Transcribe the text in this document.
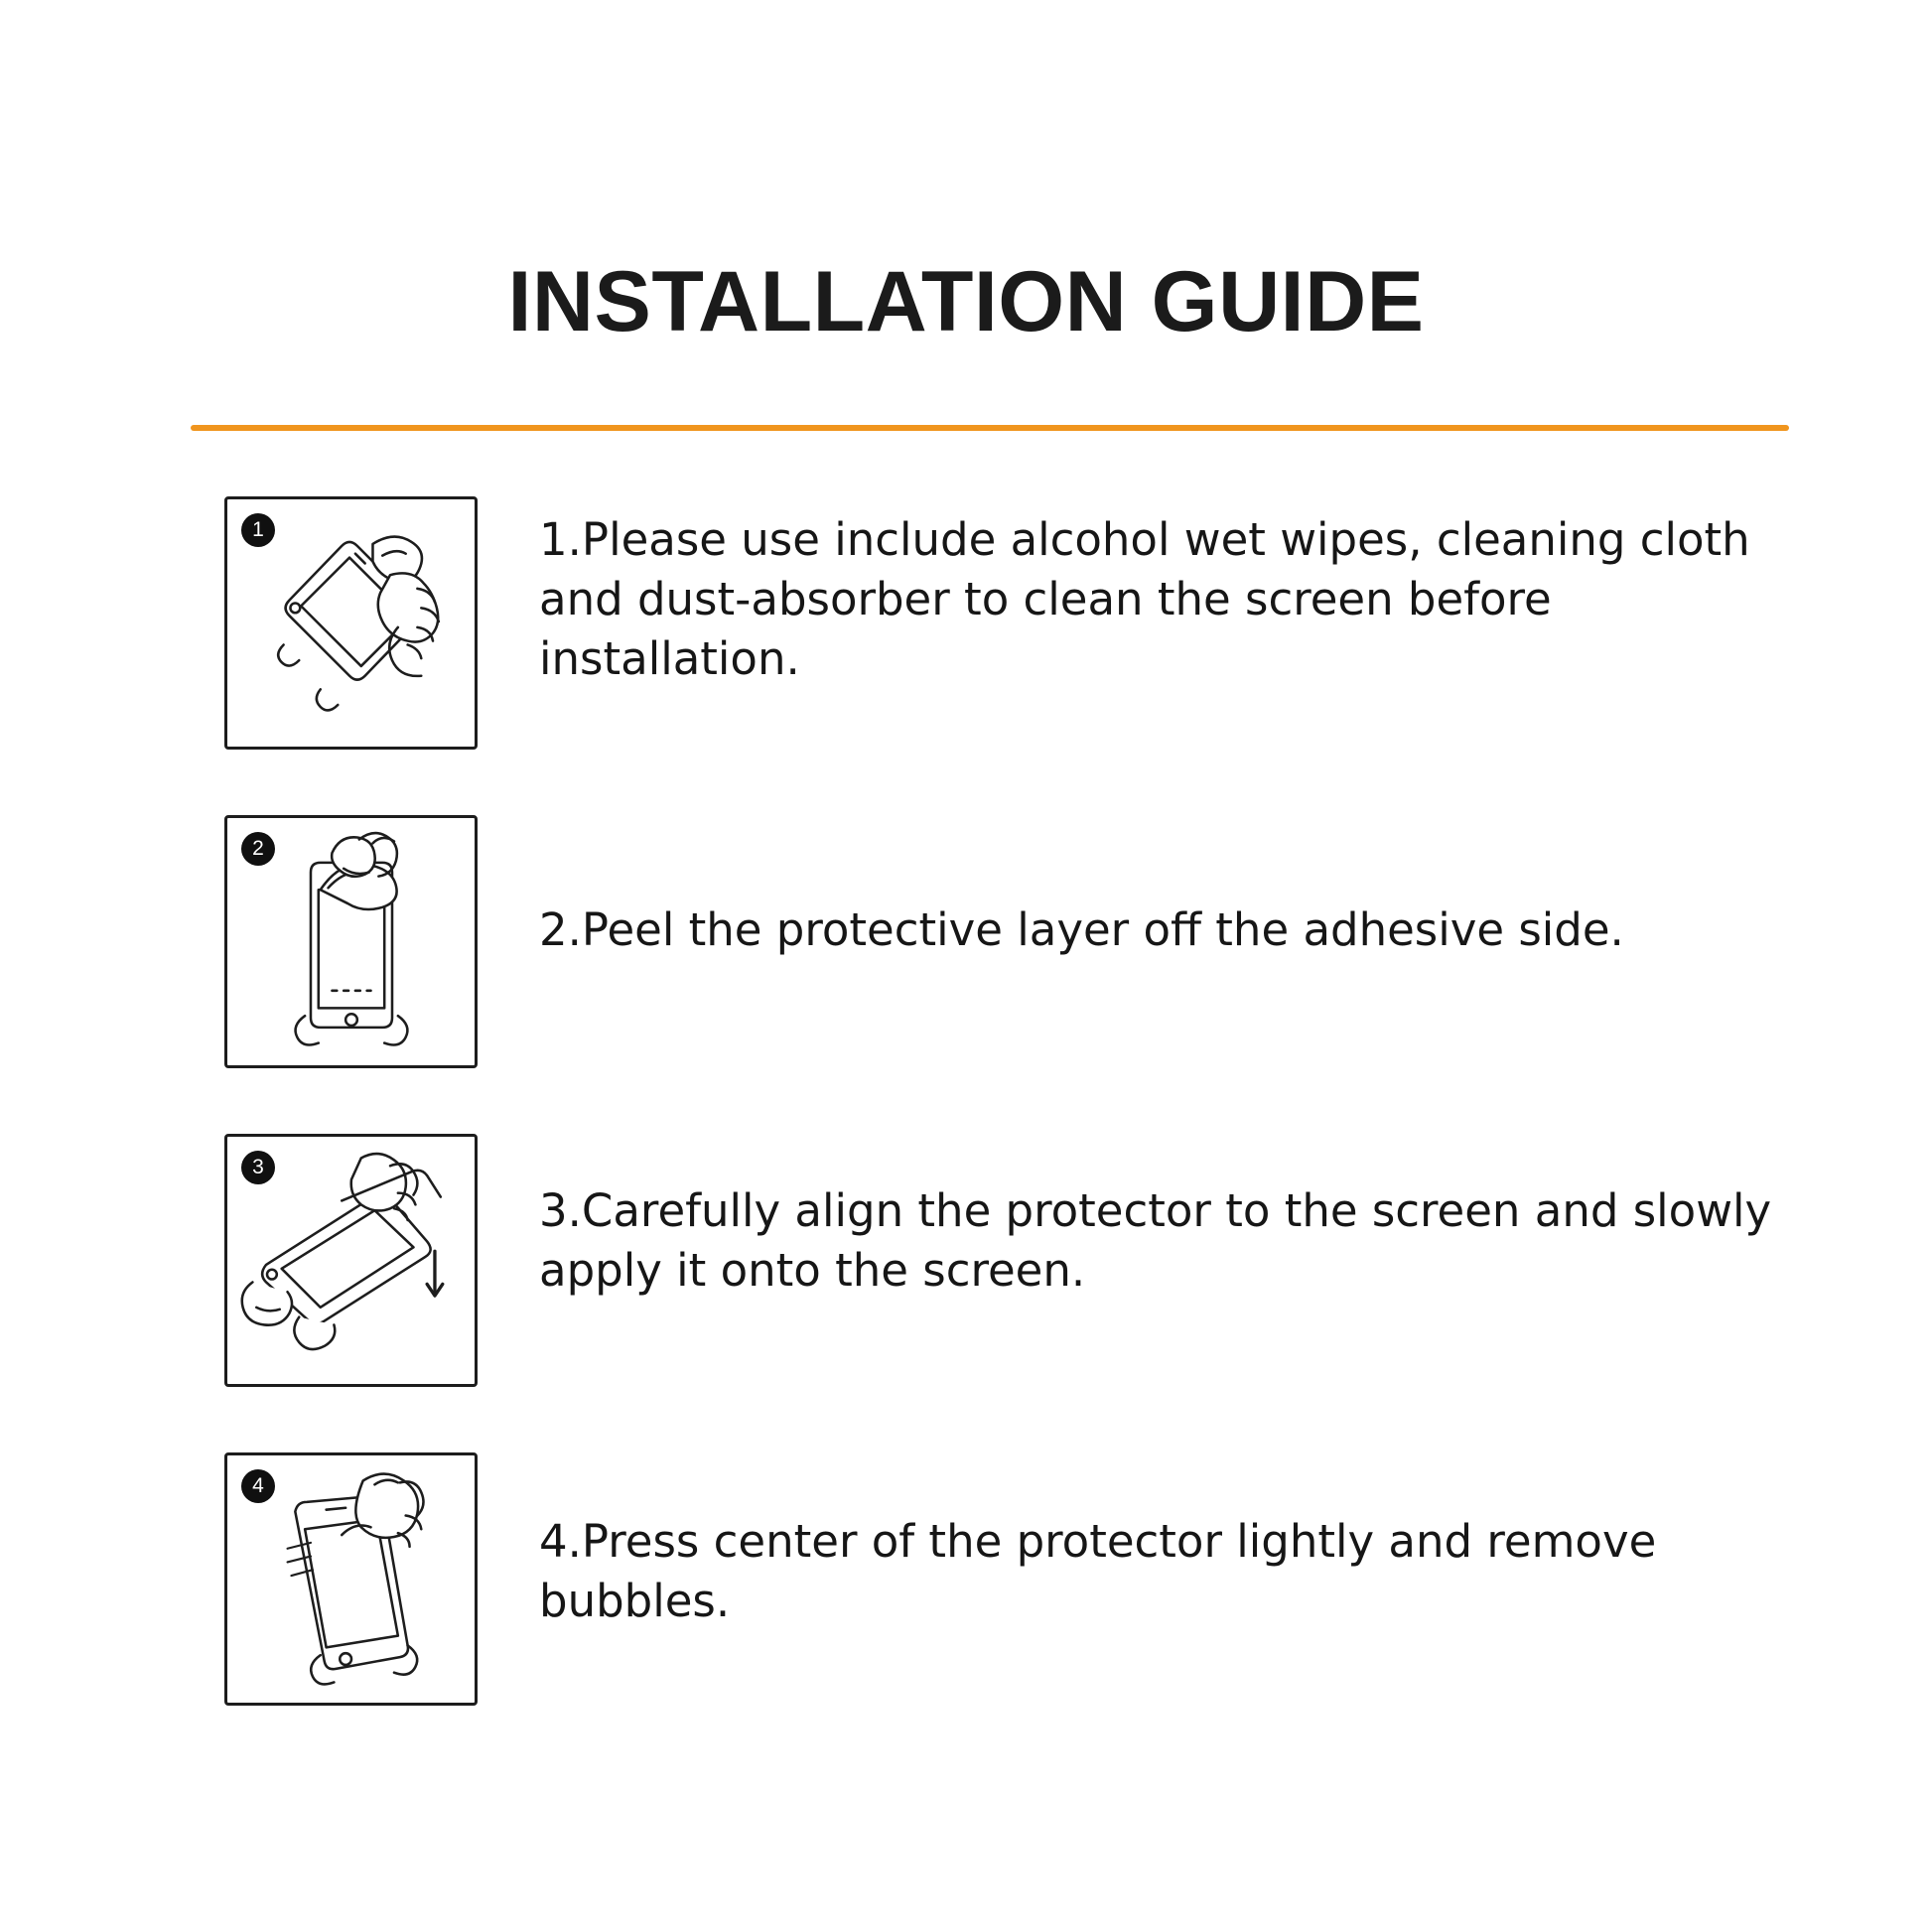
INSTALLATION GUIDE
1	1.Please use include alcohol wet wipes, cleaning cloth and dust-absorber to clean the screen before installation.
2
2.Peel the protective layer off the adhesive side.
3
3.Carefully align the protector to the screen and slowly apply it onto the screen.
4
4.Press center of the protector lightly and remove bubbles.
